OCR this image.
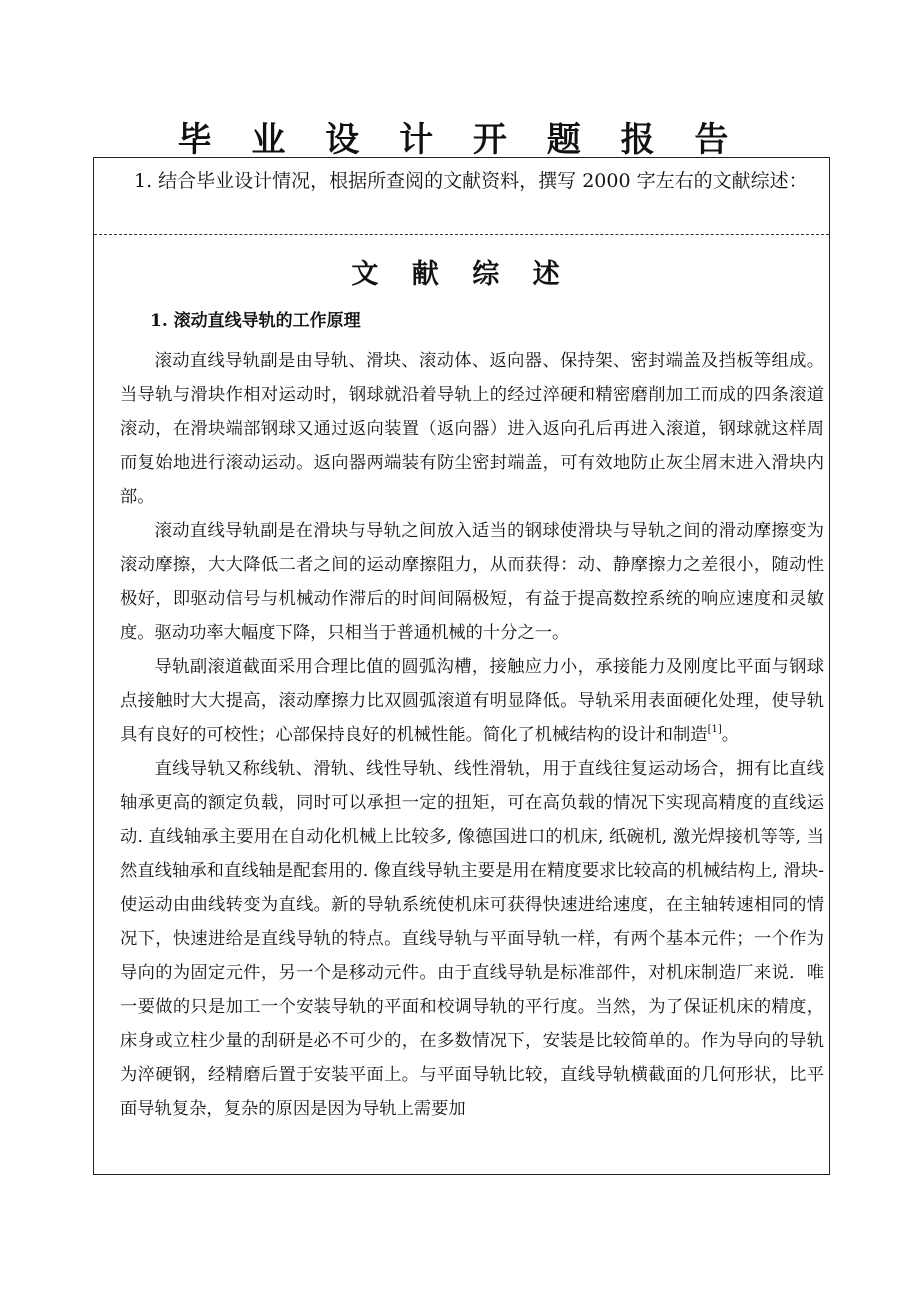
毕 业 设 计 开 题 报 告
1. 结合毕业设计情况，根据所查阅的文献资料，撰写 2000 字左右的文献综述：
文 献 综 述
1. 滚动直线导轨的工作原理

滚动直线导轨副是由导轨、滑块、滚动体、返向器、保持架、密封端盖及挡板等组成。当导轨与滑块作相对运动时，钢球就沿着导轨上的经过淬硬和精密磨削加工而成的四条滚道滚动，在滑块端部钢球又通过返向装置（返向器）进入返向孔后再进入滚道，钢球就这样周而复始地进行滚动运动。返向器两端装有防尘密封端盖，可有效地防止灰尘屑末进入滑块内部。

滚动直线导轨副是在滑块与导轨之间放入适当的钢球使滑块与导轨之间的滑动摩擦变为滚动摩擦，大大降低二者之间的运动摩擦阻力，从而获得：动、静摩擦力之差很小，随动性极好，即驱动信号与机械动作滞后的时间间隔极短，有益于提高数控系统的响应速度和灵敏度。驱动功率大幅度下降，只相当于普通机械的十分之一。

导轨副滚道截面采用合理比值的圆弧沟槽，接触应力小，承接能力及刚度比平面与钢球点接触时大大提高，滚动摩擦力比双圆弧滚道有明显降低。导轨采用表面硬化处理，使导轨具有良好的可校性；心部保持良好的机械性能。简化了机械结构的设计和制造[1]。

直线导轨又称线轨、滑轨、线性导轨、线性滑轨，用于直线往复运动场合，拥有比直线轴承更高的额定负载，同时可以承担一定的扭矩，可在高负载的情况下实现高精度的直线运动. 直线轴承主要用在自动化机械上比较多, 像德国进口的机床, 纸碗机, 激光焊接机等等, 当然直线轴承和直线轴是配套用的. 像直线导轨主要是用在精度要求比较高的机械结构上, 滑块-使运动由曲线转变为直线。新的导轨系统使机床可获得快速进给速度，在主轴转速相同的情况下，快速进给是直线导轨的特点。直线导轨与平面导轨一样，有两个基本元件；一个作为导向的为固定元件，另一个是移动元件。由于直线导轨是标准部件，对机床制造厂来说．唯一要做的只是加工一个安装导轨的平面和校调导轨的平行度。当然，为了保证机床的精度，床身或立柱少量的刮研是必不可少的，在多数情况下，安装是比较简单的。作为导向的导轨为淬硬钢，经精磨后置于安装平面上。与平面导轨比较，直线导轨横截面的几何形状，比平面导轨复杂，复杂的原因是因为导轨上需要加
